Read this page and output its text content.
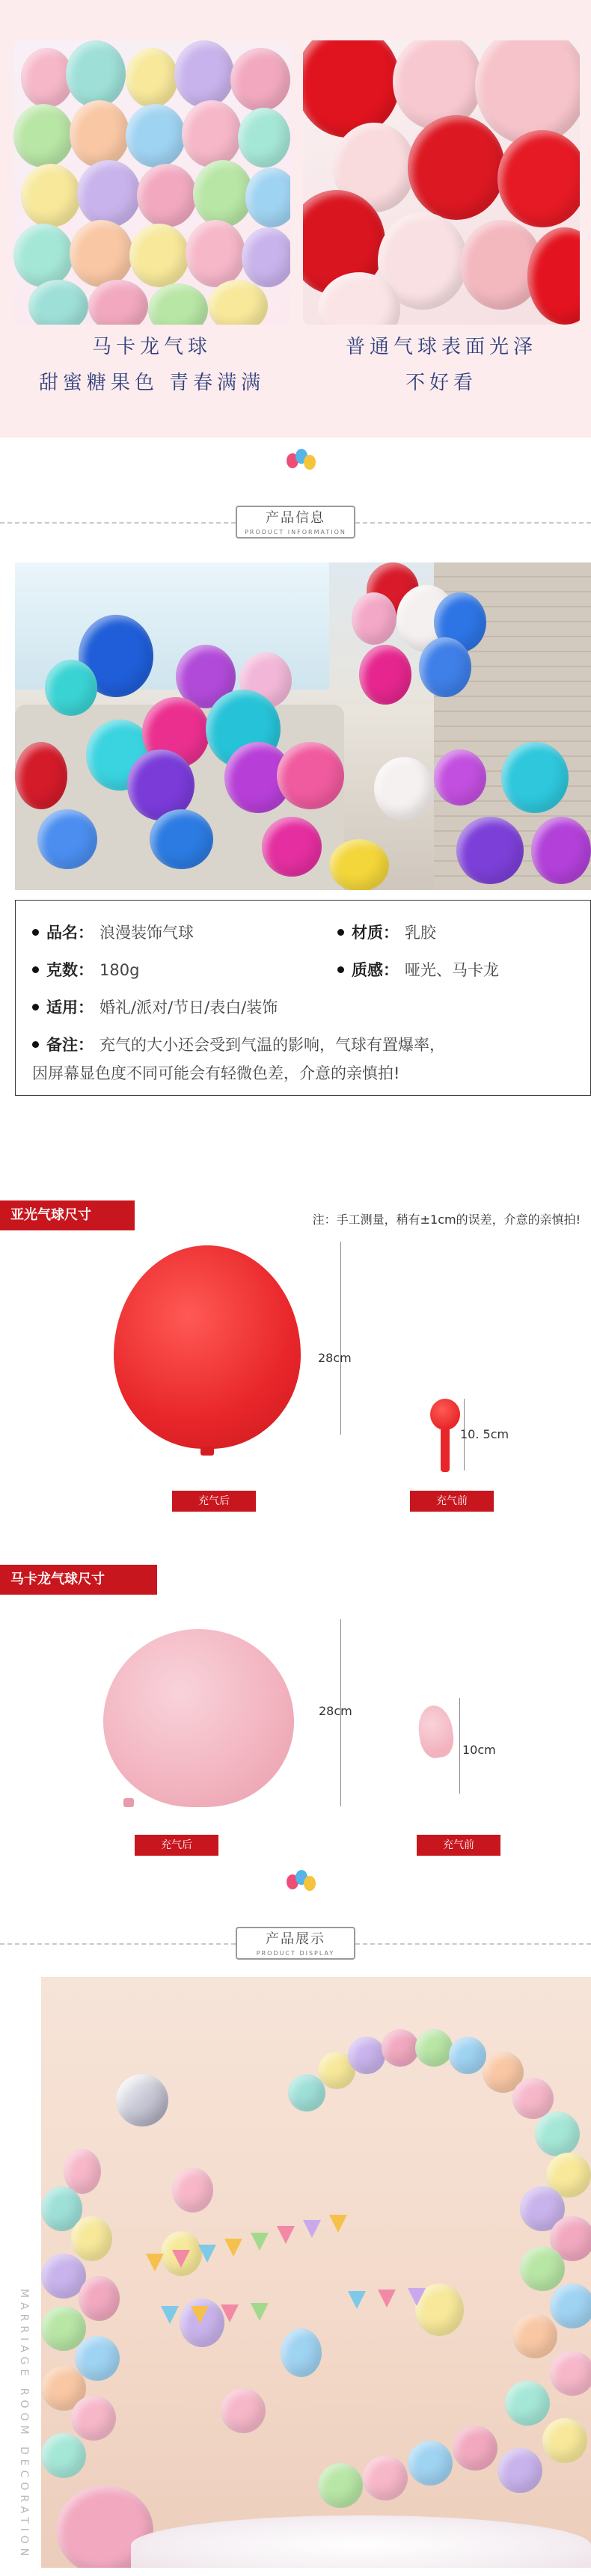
马卡龙气球
甜蜜糖果色 青春满满
普通气球表面光泽
不好看
产品信息
PRODUCT INFORMATION
品名： 浪漫装饰气球	材质： 乳胶
克数： 180g	质感： 哑光、马卡龙
适用： 婚礼/派对/节日/表白/装饰
备注： 充气的大小还会受到气温的影响，气球有置爆率，
因屏幕显色度不同可能会有轻微色差，介意的亲慎拍!
注：手工测量，稍有±1cm的误差，介意的亲慎拍!
亚光气球尺寸
28cm
10. 5cm
充气后	充气前
马卡龙气球尺寸
28cm
10cm
充气后	充气前
产品展示
PRODUCT DISPLAY
MARRIAGE ROOM DECORATION
